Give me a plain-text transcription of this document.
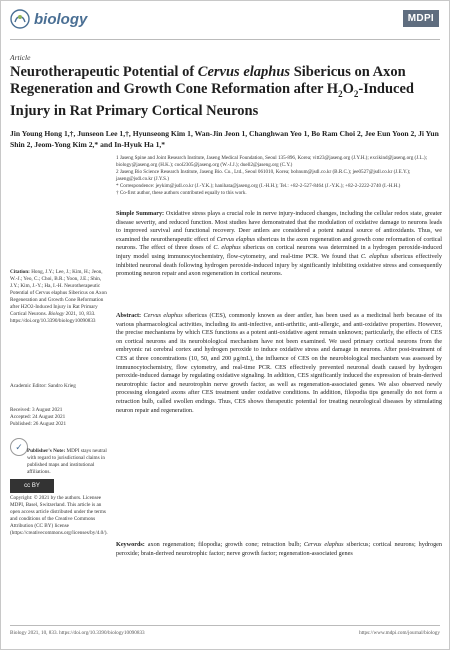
biology	MDPI
Article
Neurotherapeutic Potential of Cervus elaphus Sibericus on Axon Regeneration and Growth Cone Reformation after $H_2O_2$-Induced Injury in Rat Primary Cortical Neurons
Jin Young Hong 1,†, Junseon Lee 1,†, Hyunseong Kim 1, Wan-Jin Jeon 1, Changhwan Yeo 1, Bo Ram Choi 2, Jee Eun Yoon 2, Ji Yun Shin 2, Jeom-Yong Kim 2,* and In-Hyuk Ha 1,*

1 Jaseng Spine and Joint Research Institute, Jaseng Medical Foundation, Seoul 135-896, Korea; vitt23@jaseng.org (J.Y.H.); excikind@jaseng.org (J.L.); biology@jaseng.org (H.K.); cool2305@jaseng.org (W.-J.J.); duell2@jaseng.org (C.Y.)

2 Jaseng Bio Science Research Institute, Jaseng Bio. Co., Ltd., Seoul 061010, Korea; bohnum@jsdl.co.kr (B.R.C.); jee0527@jsdl.co.kr (J.E.Y.); jaseng@jsdl.co.kr (J.Y.S.)

* Correspondence: jeykim@jsdl.co.kr (J.-Y.K.); hanihata@jaseng.org (I.-H.H.); Tel.: +82-2-527-8464 (J.-Y.K.); +82-2-2222-2740 (I.-H.H.)

† Co-first author, these authors contributed equally to this work.

Simple Summary: Oxidative stress plays a crucial role in nerve injury-induced changes, including the cellular redox state, greater disease severity, and reduced function. Most studies have demonstrated that the modulation of oxidative damage to neurons leads to improved survival and functional recovery. Deer antlers are considered a potent natural source of antioxidants. Thus, we examined the neurotherapeutic effect of Cervus elaphus sibericus in the axon regeneration and growth cone reformation of cortical neurons. The effect of three doses of C. elaphus sibericus on cortical neurons was determined in a hydrogen peroxide-induced injury model using immunocytochemistry, flow-cytometry, and real-time PCR. We found that C. elaphus sibericus effectively inhibited neuronal death following hydrogen peroxide-induced injury by significantly inhibiting oxidative stress and consequently promoting neuron repair and axon regeneration in cortical neurons.

Abstract: Cervus elaphus sibericus (CES), commonly known as deer antler, has been used as a medicinal herb because of its various pharmacological activities, including its anti-infective, anti-arthritic, anti-allergic, and anti-oxidative properties. However, the precise mechanisms by which CES functions as a potent anti-oxidative agent remain unknown; particularly, the effects of CES on cortical neurons and its neurobiological mechanism have not been examined. We used primary cortical neurons from the embryonic rat cerebral cortex and hydrogen peroxide to induce oxidative stress and damage in neurons. After post-treatment of CES at three concentrations (10, 50, and 200 μg/mL), the influence of CES on the neurobiological mechanism was assessed by immunocytochemistry, flow cytometry, and real-time PCR. CES effectively prevented neuronal death caused by hydrogen peroxide-induced damage by regulating oxidative signaling. In addition, CES significantly induced the expression of brain-derived neurotrophic factor and neurotrophin nerve growth factor, as well as regeneration-associated genes. We also observed newly processing elongated axons after CES treatment under oxidative conditions. In addition, filopodia tips generally do not form a retraction bulb, called swollen endings. Thus, CES shows therapeutic potential for treating neurological diseases by stimulating neuron repair and regeneration.

Keywords: axon regeneration; filopodia; growth cone; retraction bulb; Cervus elaphus sibericus; cortical neurons; hydrogen peroxide; brain-derived neurotrophic factor; nerve growth factor; regeneration-associated genes

Citation: Hong, J.Y.; Lee, J.; Kim, H.; Jeon, W.-J.; Yeo, C.; Choi, B.R.; Yoon, J.E.; Shin, J.Y.; Kim, J.-Y.; Ha, I.-H. Neurotherapeutic Potential of Cervus elaphus Sibericus on Axon Regeneration and Growth Cone Reformation after H2O2-Induced Injury in Rat Primary Cortical Neurons. Biology 2021, 10, 833. https://doi.org/10.3390/biology10090833
Academic Editor: Sandro Krieg
Received: 3 August 2021
Accepted: 24 August 2021
Published: 26 August 2021
✓ Publisher's Note: MDPI stays neutral with regard to jurisdictional claims in published maps and institutional affiliations.
cc BY
Copyright: © 2021 by the authors. Licensee MDPI, Basel, Switzerland. This article is an open access article distributed under the terms and conditions of the Creative Commons Attribution (CC BY) license (https://creativecommons.org/licenses/by/4.0/).
Biology 2021, 10, 833. https://doi.org/10.3390/biology10090833	https://www.mdpi.com/journal/biology
